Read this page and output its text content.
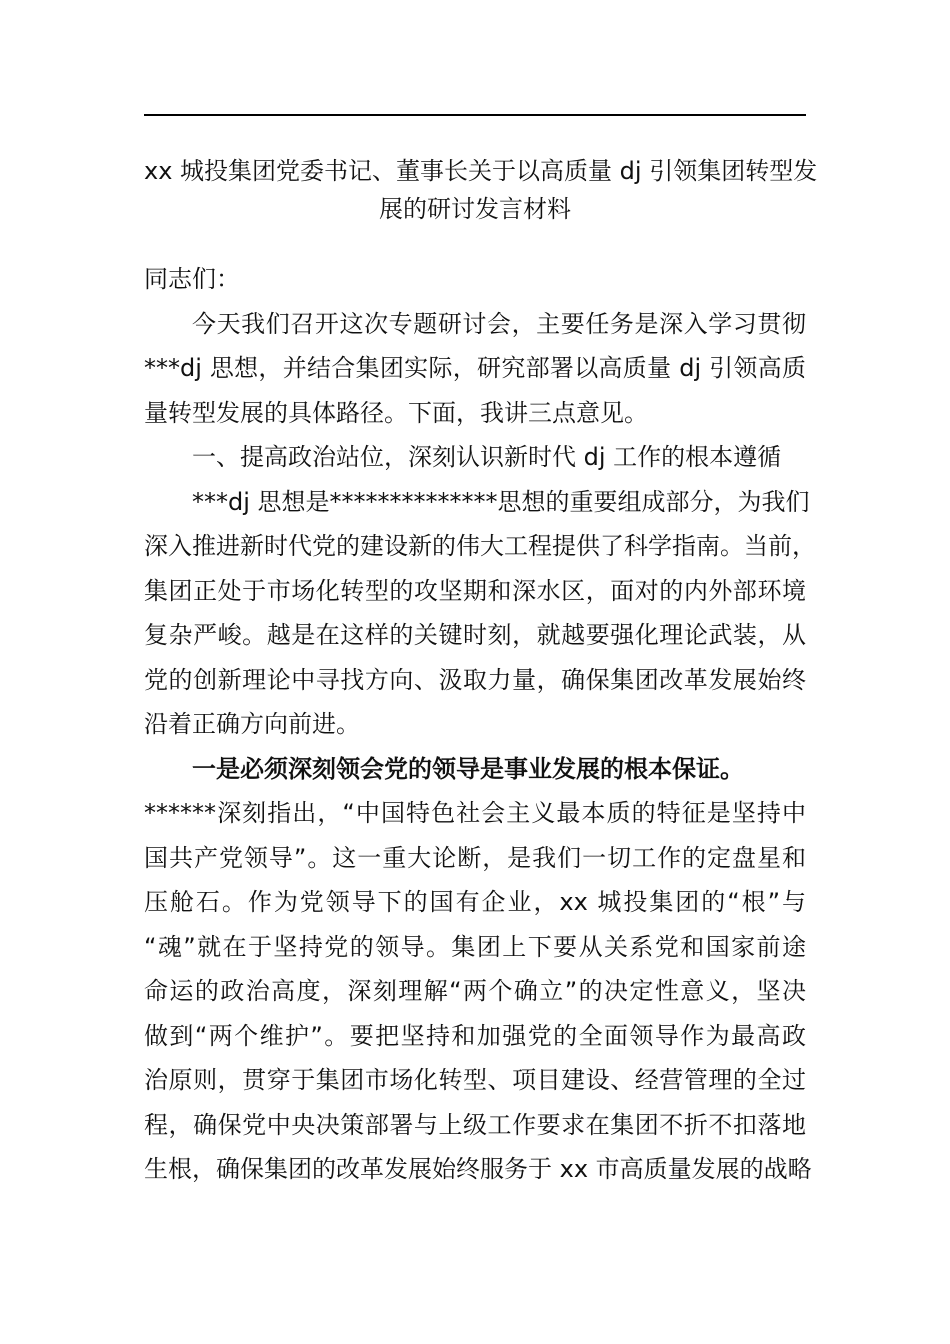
xx 城投集团党委书记、董事长关于以高质量 dj 引领集团转型发
展的研讨发言材料
同志们：
今天我们召开这次专题研讨会，主要任务是深入学习贯彻
***dj 思想，并结合集团实际，研究部署以高质量 dj 引领高质
量转型发展的具体路径。下面，我讲三点意见。
一、提高政治站位，深刻认识新时代 dj 工作的根本遵循
***dj 思想是**************思想的重要组成部分，为我们
深入推进新时代党的建设新的伟大工程提供了科学指南。当前，
集团正处于市场化转型的攻坚期和深水区，面对的内外部环境
复杂严峻。越是在这样的关键时刻，就越要强化理论武装，从
党的创新理论中寻找方向、汲取力量，确保集团改革发展始终
沿着正确方向前进。
一是必须深刻领会党的领导是事业发展的根本保证。
******深刻指出，“中国特色社会主义最本质的特征是坚持中
国共产党领导”。这一重大论断，是我们一切工作的定盘星和
压舱石。作为党领导下的国有企业，xx 城投集团的“根”与
“魂”就在于坚持党的领导。集团上下要从关系党和国家前途
命运的政治高度，深刻理解“两个确立”的决定性意义，坚决
做到“两个维护”。要把坚持和加强党的全面领导作为最高政
治原则，贯穿于集团市场化转型、项目建设、经营管理的全过
程，确保党中央决策部署与上级工作要求在集团不折不扣落地
生根，确保集团的改革发展始终服务于 xx 市高质量发展的战略
